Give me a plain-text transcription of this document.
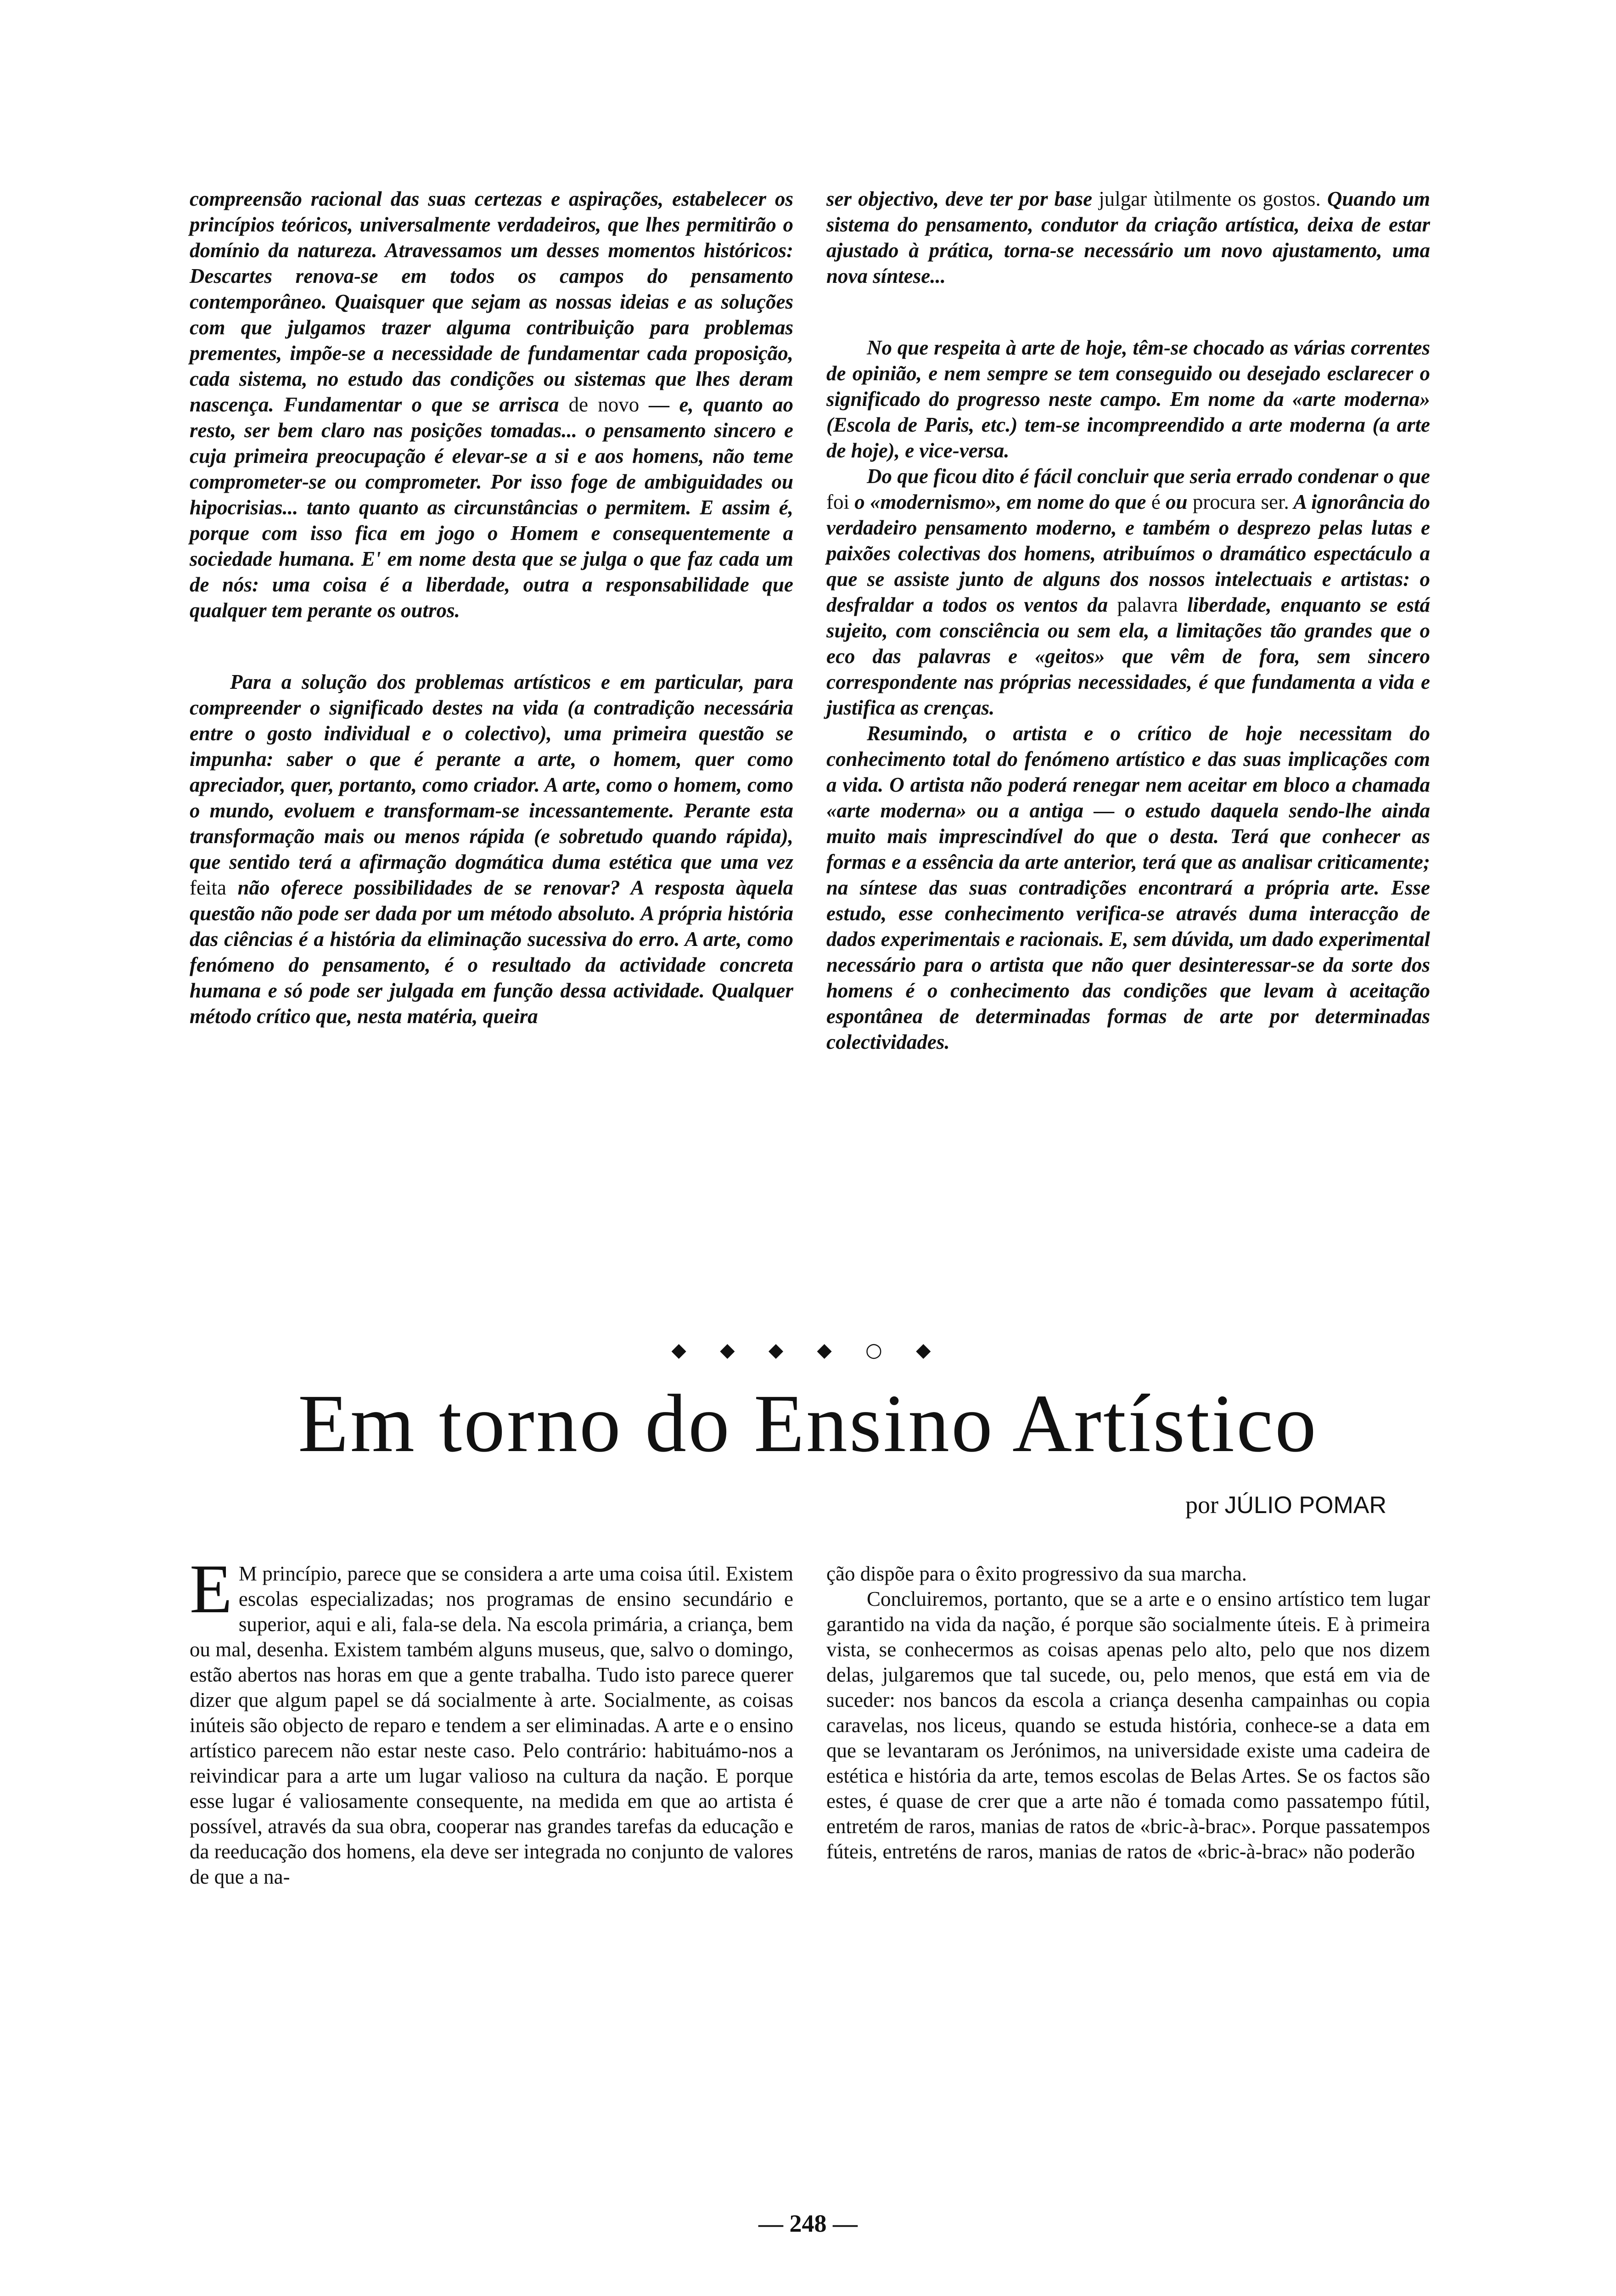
compreensão racional das suas certezas e aspirações, estabelecer os princípios teóricos, universalmente verdadeiros, que lhes permitirão o domínio da natureza. Atravessamos um desses momentos históricos: Descartes renova-se em todos os campos do pensamento contemporâneo. Quaisquer que sejam as nossas ideias e as soluções com que julgamos trazer alguma contribuição para problemas prementes, impõe-se a necessidade de fundamentar cada proposição, cada sistema, no estudo das condições ou sistemas que lhes deram nascença. Fundamentar o que se arrisca de novo — e, quanto ao resto, ser bem claro nas posições tomadas... o pensamento sincero e cuja primeira preocupação é elevar-se a si e aos homens, não teme comprometer-se ou comprometer. Por isso foge de ambiguidades ou hipocrisias... tanto quanto as circunstâncias o permitem. E assim é, porque com isso fica em jogo o Homem e consequentemente a sociedade humana. E' em nome desta que se julga o que faz cada um de nós: uma coisa é a liberdade, outra a responsabilidade que qualquer tem perante os outros.

Para a solução dos problemas artísticos e em particular, para compreender o significado destes na vida (a contradição necessária entre o gosto individual e o colectivo), uma primeira questão se impunha: saber o que é perante a arte, o homem, quer como apreciador, quer, portanto, como criador. A arte, como o homem, como o mundo, evoluem e transformam-se incessantemente. Perante esta transformação mais ou menos rápida (e sobretudo quando rápida), que sentido terá a afirmação dogmática duma estética que uma vez feita não oferece possibilidades de se renovar? A resposta àquela questão não pode ser dada por um método absoluto. A própria história das ciências é a história da eliminação sucessiva do erro. A arte, como fenómeno do pensamento, é o resultado da actividade concreta humana e só pode ser julgada em função dessa actividade. Qualquer método crítico que, nesta matéria, queira

ser objectivo, deve ter por base julgar ùtilmente os gostos. Quando um sistema do pensamento, condutor da criação artística, deixa de estar ajustado à prática, torna-se necessário um novo ajustamento, uma nova síntese...

No que respeita à arte de hoje, têm-se chocado as várias correntes de opinião, e nem sempre se tem conseguido ou desejado esclarecer o significado do progresso neste campo. Em nome da «arte moderna» (Escola de Paris, etc.) tem-se incompreendido a arte moderna (a arte de hoje), e vice-versa.

Do que ficou dito é fácil concluir que seria errado condenar o que foi o «modernismo», em nome do que é ou procura ser. A ignorância do verdadeiro pensamento moderno, e também o desprezo pelas lutas e paixões colectivas dos homens, atribuímos o dramático espectáculo a que se assiste junto de alguns dos nossos intelectuais e artistas: o desfraldar a todos os ventos da palavra liberdade, enquanto se está sujeito, com consciência ou sem ela, a limitações tão grandes que o eco das palavras e «geitos» que vêm de fora, sem sincero correspondente nas próprias necessidades, é que fundamenta a vida e justifica as crenças.

Resumindo, o artista e o crítico de hoje necessitam do conhecimento total do fenómeno artístico e das suas implicações com a vida. O artista não poderá renegar nem aceitar em bloco a chamada «arte moderna» ou a antiga — o estudo daquela sendo-lhe ainda muito mais imprescindível do que o desta. Terá que conhecer as formas e a essência da arte anterior, terá que as analisar criticamente; na síntese das suas contradições encontrará a própria arte. Esse estudo, esse conhecimento verifica-se através duma interacção de dados experimentais e racionais. E, sem dúvida, um dado experimental necessário para o artista que não quer desinteressar-se da sorte dos homens é o conhecimento das condições que levam à aceitação espontânea de determinadas formas de arte por determinadas colectividades.

◆ ◆ ◆ ◆ ○ ◆
Em torno do Ensino Artístico
por JÚLIO POMAR

E M princípio, parece que se considera a arte uma coisa útil. Existem escolas especializadas; nos programas de ensino secundário e superior, aqui e ali, fala-se dela. Na escola primária, a criança, bem ou mal, desenha. Existem também alguns museus, que, salvo o domingo, estão abertos nas horas em que a gente trabalha. Tudo isto parece querer dizer que algum papel se dá socialmente à arte. Socialmente, as coisas inúteis são objecto de reparo e tendem a ser eliminadas. A arte e o ensino artístico parecem não estar neste caso. Pelo contrário: habituámo-nos a reivindicar para a arte um lugar valioso na cultura da nação. E porque esse lugar é valiosamente consequente, na medida em que ao artista é possível, através da sua obra, cooperar nas grandes tarefas da educação e da reeducação dos homens, ela deve ser integrada no conjunto de valores de que a na-

ção dispõe para o êxito progressivo da sua marcha.

Concluiremos, portanto, que se a arte e o ensino artístico tem lugar garantido na vida da nação, é porque são socialmente úteis. E à primeira vista, se conhecermos as coisas apenas pelo alto, pelo que nos dizem delas, julgaremos que tal sucede, ou, pelo menos, que está em via de suceder: nos bancos da escola a criança desenha campainhas ou copia caravelas, nos liceus, quando se estuda história, conhece-se a data em que se levantaram os Jerónimos, na universidade existe uma cadeira de estética e história da arte, temos escolas de Belas Artes. Se os factos são estes, é quase de crer que a arte não é tomada como passatempo fútil, entretém de raros, manias de ratos de «bric-à-brac». Porque passatempos fúteis, entreténs de raros, manias de ratos de «bric-à-brac» não poderão

— 248 —
